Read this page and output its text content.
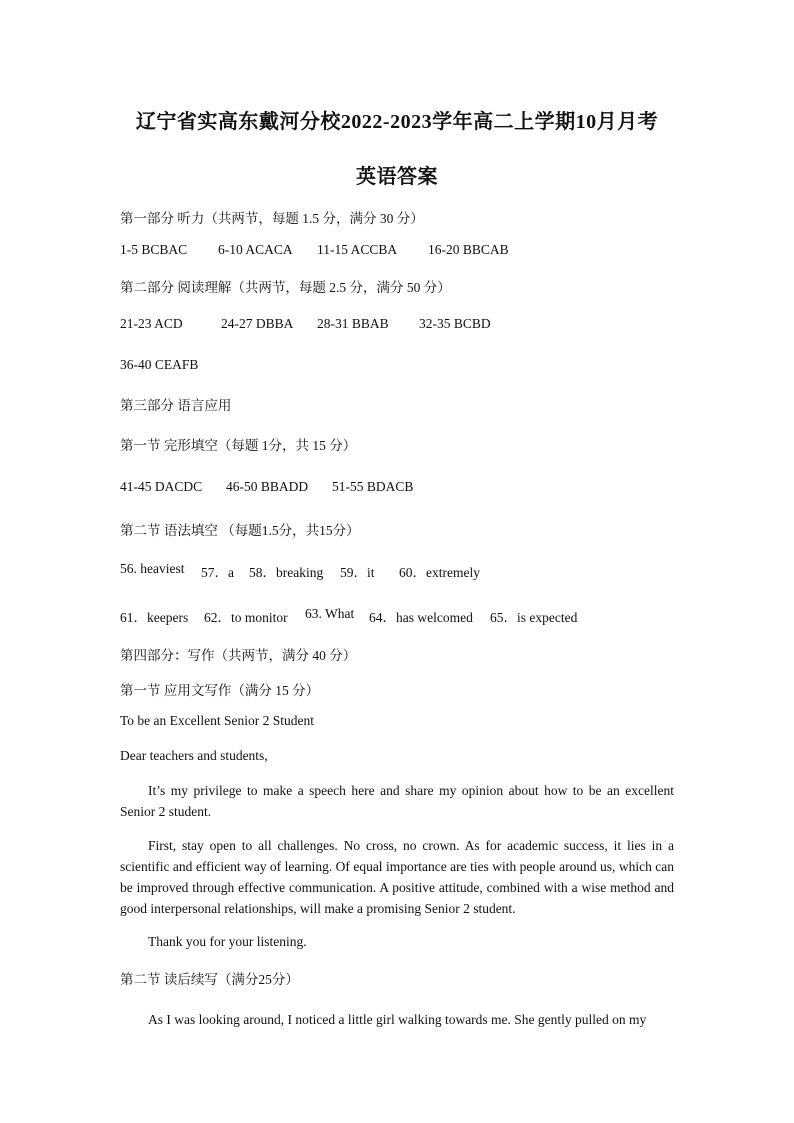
辽宁省实高东戴河分校2022-2023学年高二上学期10月月考
英语答案
第一部分 听力（共两节，每题 1.5 分，满分 30 分）
1-5 BCBAC 6-10 ACACA 11-15 ACCBA 16-20 BBCAB
第二部分 阅读理解（共两节，每题 2.5 分，满分 50 分）
21-23 ACD	24-27 DBBA 28-31 BBAB 32-35 BCBD
36-40 CEAFB
第三部分 语言应用
第一节 完形填空（每题 1分，共 15 分）
41-45 DACDC 46-50 BBADD 51-55 BDACB
第二节 语法填空 （每题1.5分，共15分）
56. heaviest 57．a 58．breaking 59．it 60．extremely
61．keepers 62．to monitor 63. What 64．has welcomed 65．is expected
第四部分：写作（共两节，满分 40 分）
第一节 应用文写作（满分 15 分）
To be an Excellent Senior 2 Student
Dear teachers and students,
It’s my privilege to make a speech here and share my opinion about how to be an excellent Senior 2 student.
First, stay open to all challenges. No cross, no crown. As for academic success, it lies in a scientific and efficient way of learning. Of equal importance are ties with people around us, which can be improved through effective communication. A positive attitude, combined with a wise method and good interpersonal relationships, will make a promising Senior 2 student.
Thank you for your listening.
第二节 读后续写（满分25分）
As I was looking around, I noticed a little girl walking towards me. She gently pulled on my
